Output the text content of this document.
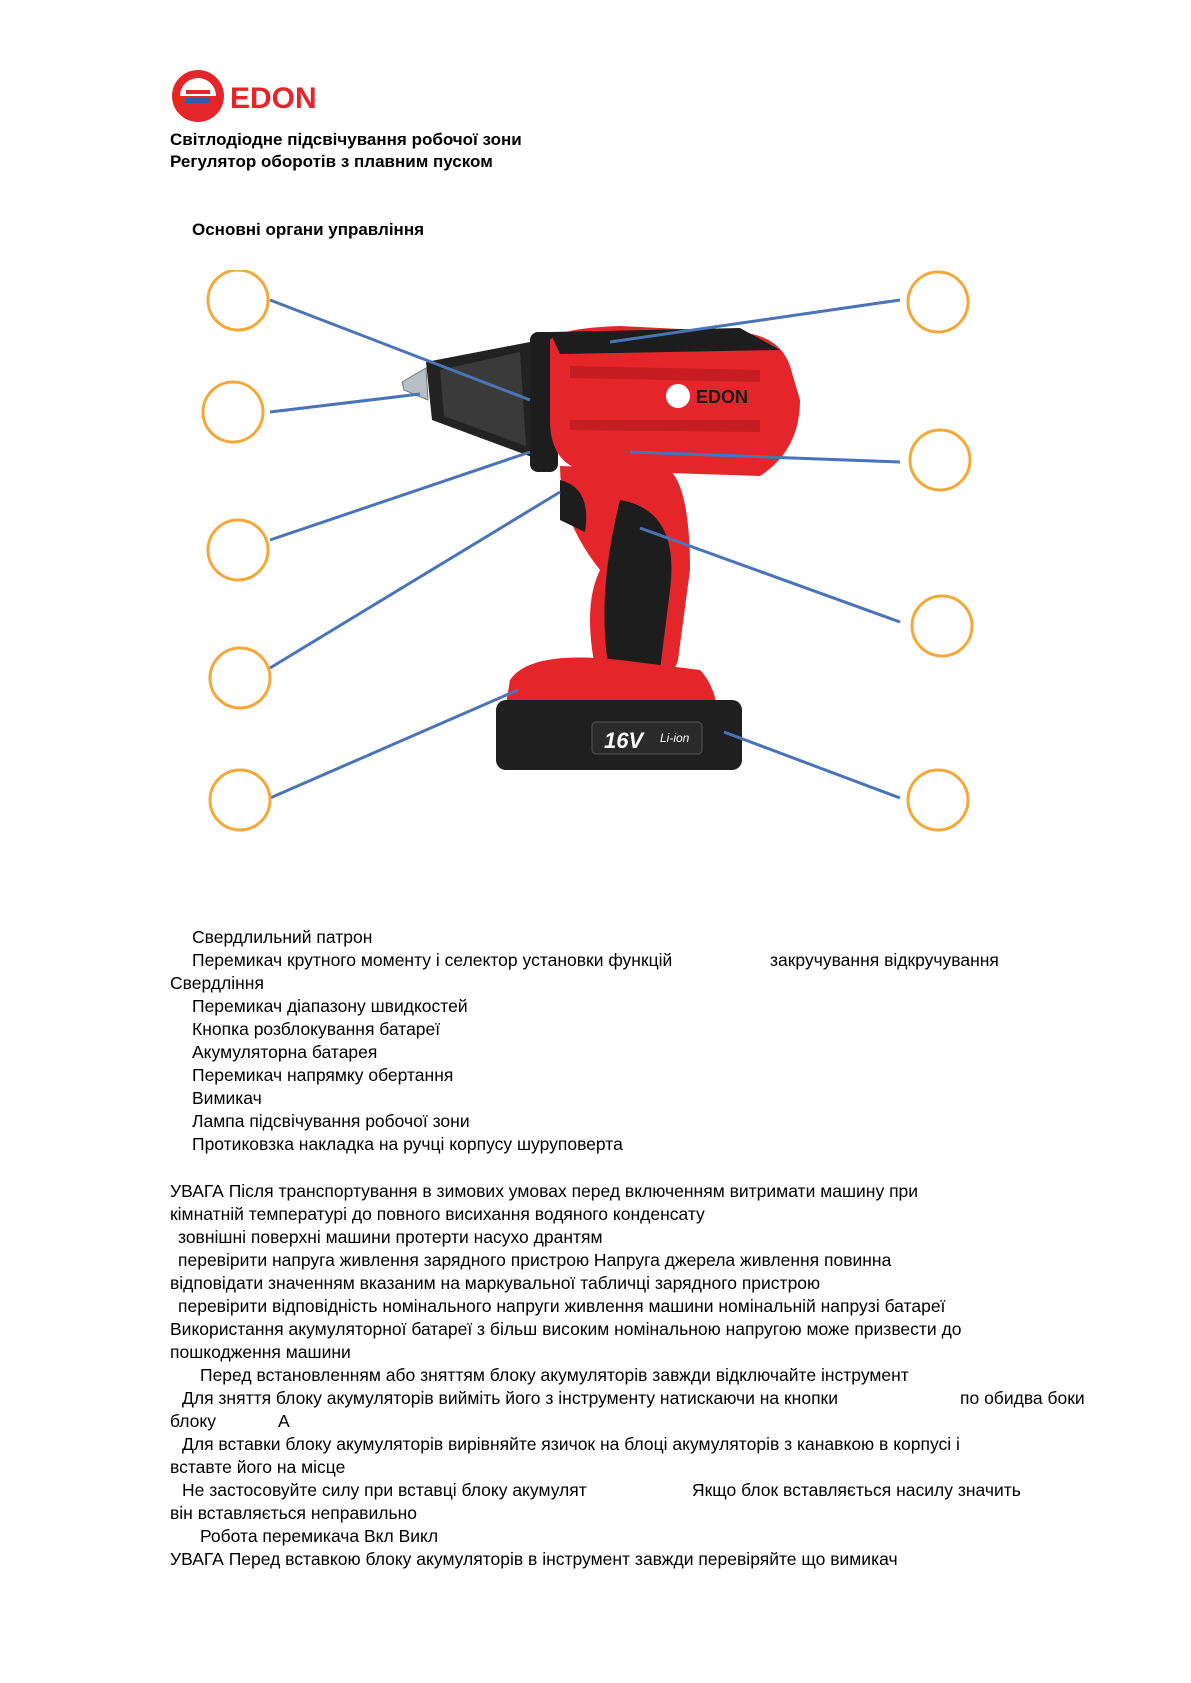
EDON
Світлодіодне підсвічування робочої зони
Регулятор оборотів з плавним пуском
Основні органи управління
EDON
16V Li-ion
Свердлильний патрон
Перемикач крутного моменту і селектор установки функцій	закручування відкручування
Свердління
Перемикач діапазону швидкостей
Кнопка розблокування батареї
Акумуляторна батарея
Перемикач напрямку обертання
Вимикач
Лампа підсвічування робочої зони
Протиковзка накладка на ручці корпусу шуруповерта
УВАГА Після транспортування в зимових умовах перед включенням витримати машину при
кімнатній температурі до повного висихання водяного конденсату
зовнішні поверхні машини протерти насухо дрантям
перевірити напруга живлення зарядного пристрою Напруга джерела живлення повинна
відповідати значенням вказаним на маркувальної табличці зарядного пристрою
перевірити відповідність номінального напруги живлення машини номінальній напрузі батареї
Використання акумуляторної батареї з більш високим номінальною напругою може призвести до
пошкодження машини
Перед встановленням або зняттям блоку акумуляторів завжди відключайте інструмент
Для зняття блоку акумуляторів вийміть його з інструменту натискаючи на кнопки	по обидва боки
блоку	А
Для вставки блоку акумуляторів вирівняйте язичок на блоці акумуляторів з канавкою в корпусі і
вставте його на місце
Не застосовуйте силу при вставці блоку акумулят	Якщо блок вставляється насилу значить
він вставляється неправильно
Робота перемикача Вкл Викл
УВАГА Перед вставкою блоку акумуляторів в інструмент завжди перевіряйте що вимикач
